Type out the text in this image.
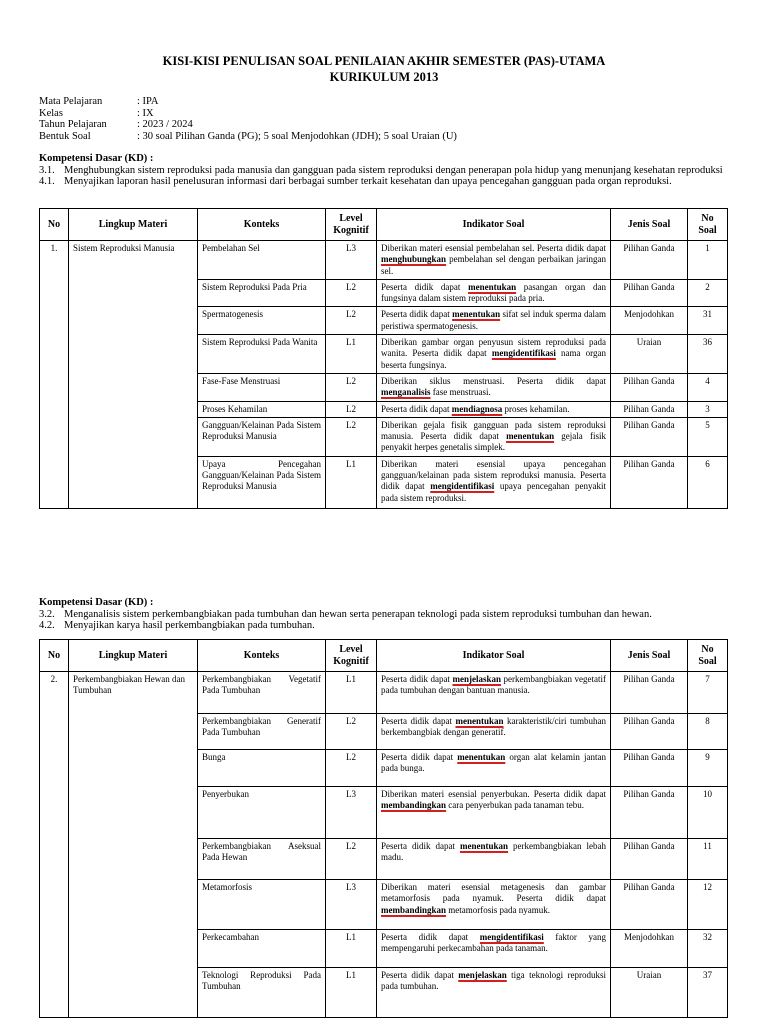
KISI-KISI PENULISAN SOAL PENILAIAN AKHIR SEMESTER (PAS)-UTAMA
KURIKULUM 2013
Mata Pelajaran	: IPA
Kelas	: IX
Tahun Pelajaran	: 2023 / 2024
Bentuk Soal	: 30 soal Pilihan Ganda (PG); 5 soal Menjodohkan (JDH); 5 soal Uraian (U)
Kompetensi Dasar (KD) :
3.1. Menghubungkan sistem reproduksi pada manusia dan gangguan pada sistem reproduksi dengan penerapan pola hidup yang menunjang kesehatan reproduksi
4.1. Menyajikan laporan hasil penelusuran informasi dari berbagai sumber terkait kesehatan dan upaya pencegahan gangguan pada organ reproduksi.
No	Lingkup Materi	Konteks	Level Kognitif	Indikator Soal	Jenis Soal	No Soal
1.	Sistem Reproduksi Manusia	Pembelahan Sel	L3	Diberikan materi esensial pembelahan sel. Peserta didik dapat menghubungkan pembelahan sel dengan perbaikan jaringan sel.	Pilihan Ganda	1
		Sistem Reproduksi Pada Pria	L2	Peserta didik dapat menentukan pasangan organ dan fungsinya dalam sistem reproduksi pada pria.	Pilihan Ganda	2
		Spermatogenesis	L2	Peserta didik dapat menentukan sifat sel induk sperma dalam peristiwa spermatogenesis.	Menjodohkan	31
		Sistem Reproduksi Pada Wanita	L1	Diberikan gambar organ penyusun sistem reproduksi pada wanita. Peserta didik dapat mengidentifikasi nama organ beserta fungsinya.	Uraian	36
		Fase-Fase Menstruasi	L2	Diberikan siklus menstruasi. Peserta didik dapat menganalisis fase menstruasi.	Pilihan Ganda	4
		Proses Kehamilan	L2	Peserta didik dapat mendiagnosa proses kehamilan.	Pilihan Ganda	3
		Gangguan/Kelainan Pada Sistem Reproduksi Manusia	L2	Diberikan gejala fisik gangguan pada sistem reproduksi manusia. Peserta didik dapat menentukan gejala fisik penyakit herpes genetalis simplek.	Pilihan Ganda	5
		Upaya Pencegahan Gangguan/Kelainan Pada Sistem Reproduksi Manusia	L1	Diberikan materi esensial upaya pencegahan gangguan/kelainan pada sistem reproduksi manusia. Peserta didik dapat mengidentifikasi upaya pencegahan penyakit pada sistem reproduksi.	Pilihan Ganda	6
Kompetensi Dasar (KD) :
3.2. Menganalisis sistem perkembangbiakan pada tumbuhan dan hewan serta penerapan teknologi pada sistem reproduksi tumbuhan dan hewan.
4.2. Menyajikan karya hasil perkembangbiakan pada tumbuhan.
No	Lingkup Materi	Konteks	Level Kognitif	Indikator Soal	Jenis Soal	No Soal
2.	Perkembangbiakan Hewan dan Tumbuhan	Perkembangbiakan Vegetatif Pada Tumbuhan	L1	Peserta didik dapat menjelaskan perkembangbiakan vegetatif pada tumbuhan dengan bantuan manusia.	Pilihan Ganda	7
		Perkembangbiakan Generatif Pada Tumbuhan	L2	Peserta didik dapat menentukan karakteristik/ciri tumbuhan berkembangbiak dengan generatif.	Pilihan Ganda	8
		Bunga	L2	Peserta didik dapat menentukan organ alat kelamin jantan pada bunga.	Pilihan Ganda	9
		Penyerbukan	L3	Diberikan materi esensial penyerbukan. Peserta didik dapat membandingkan cara penyerbukan pada tanaman tebu.	Pilihan Ganda	10
		Perkembangbiakan Aseksual Pada Hewan	L2	Peserta didik dapat menentukan perkembangbiakan lebah madu.	Pilihan Ganda	11
		Metamorfosis	L3	Diberikan materi esensial metagenesis dan gambar metamorfosis pada nyamuk. Peserta didik dapat membandingkan metamorfosis pada nyamuk.	Pilihan Ganda	12
		Perkecambahan	L1	Peserta didik dapat mengidentifikasi faktor yang mempengaruhi perkecambahan pada tanaman.	Menjodohkan	32
		Teknologi Reproduksi Pada Tumbuhan	L1	Peserta didik dapat menjelaskan tiga teknologi reproduksi pada tumbuhan.	Uraian	37
